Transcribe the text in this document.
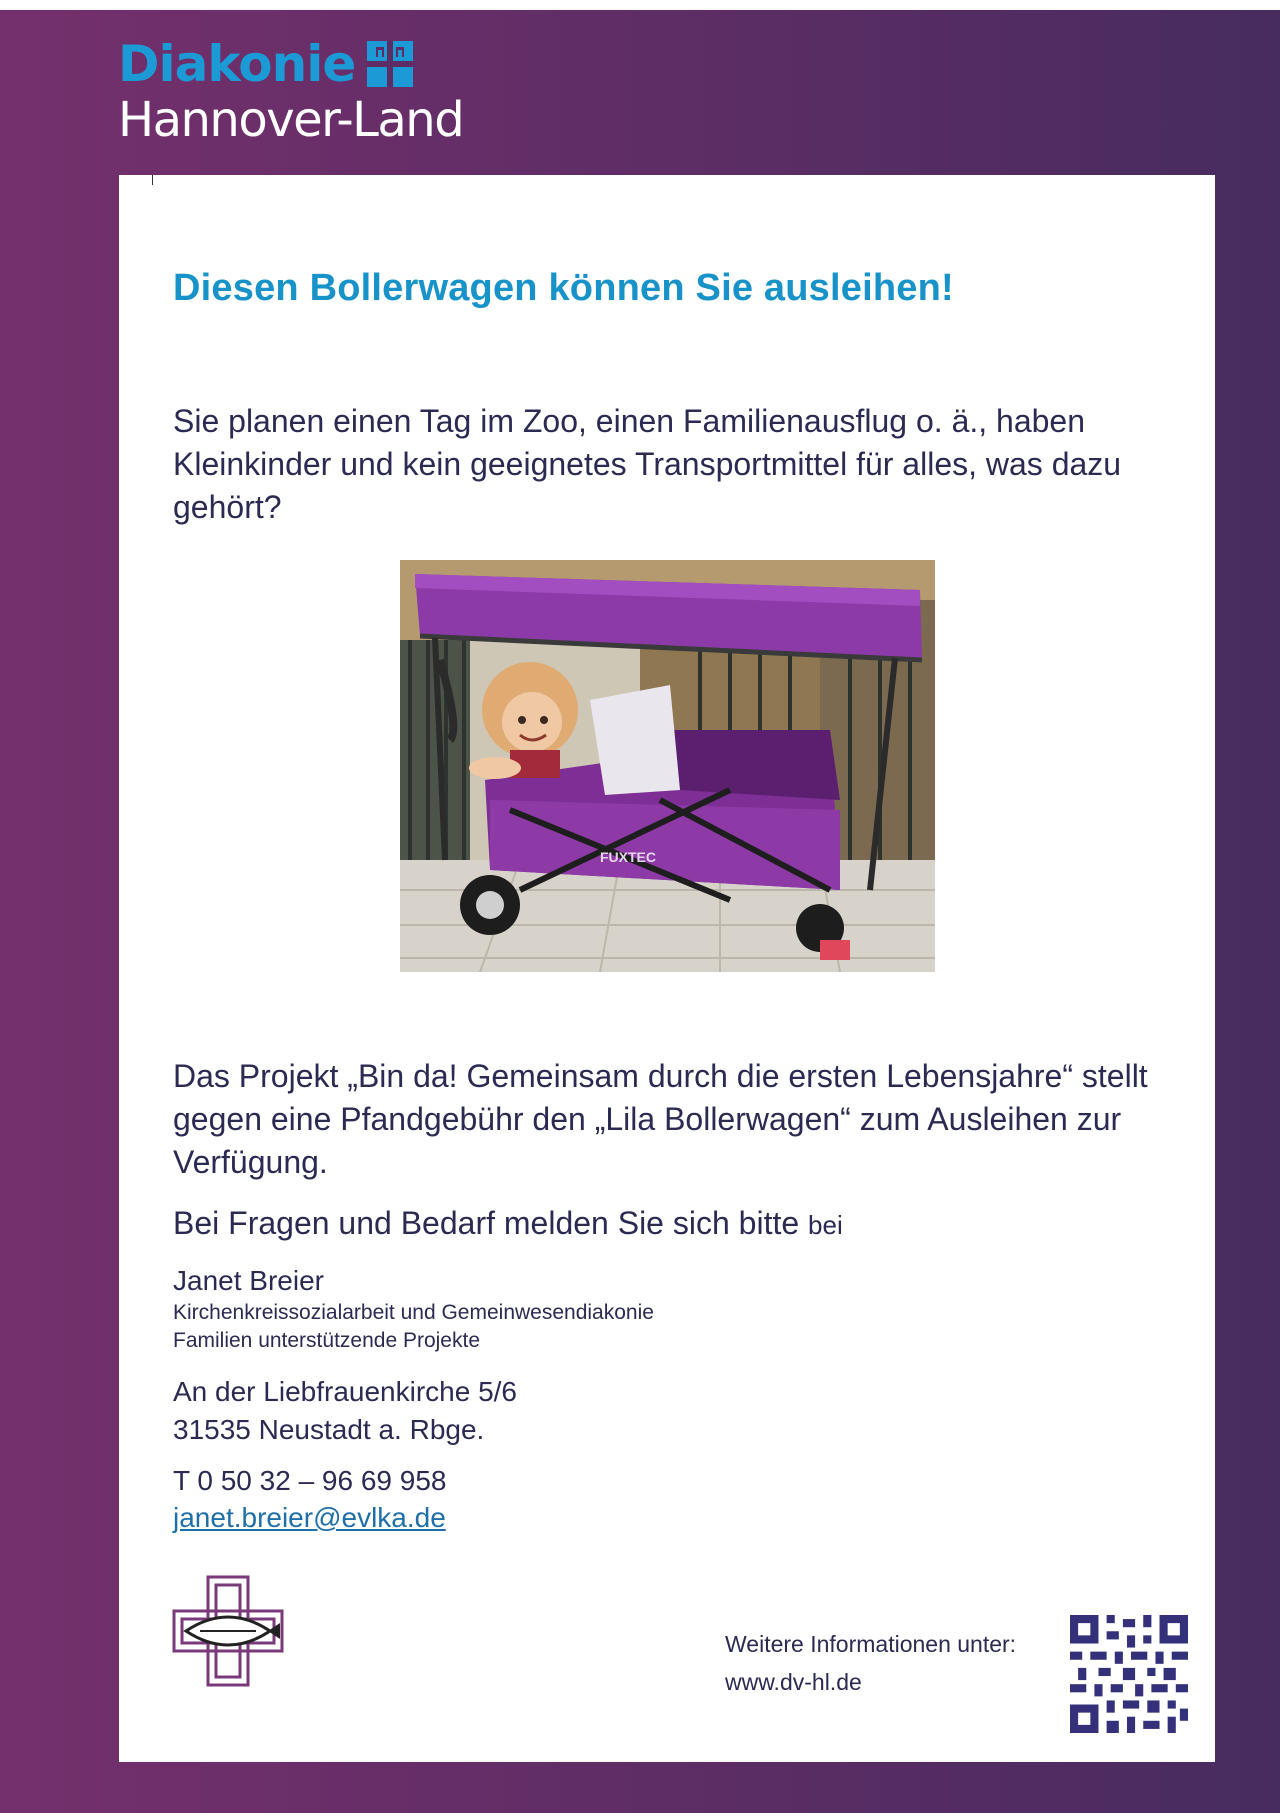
Diakonie
Hannover-Land
Diesen Bollerwagen können Sie ausleihen!
Sie planen einen Tag im Zoo, einen Familienausflug o. ä., haben Kleinkinder und kein geeignetes Transportmittel für alles, was dazu gehört?
FUXTEC
Das Projekt „Bin da! Gemeinsam durch die ersten Lebensjahre“ stellt gegen eine Pfandgebühr den „Lila Bollerwagen“ zum Ausleihen zur Verfügung.
Bei Fragen und Bedarf melden Sie sich bitte bei
Janet Breier
Kirchenkreissozialarbeit und Gemeinwesendiakonie
Familien unterstützende Projekte
An der Liebfrauenkirche 5/6
31535 Neustadt a. Rbge.
T 0 50 32 – 96 69 958
janet.breier@evlka.de
Weitere Informationen unter:
www.dv-hl.de
